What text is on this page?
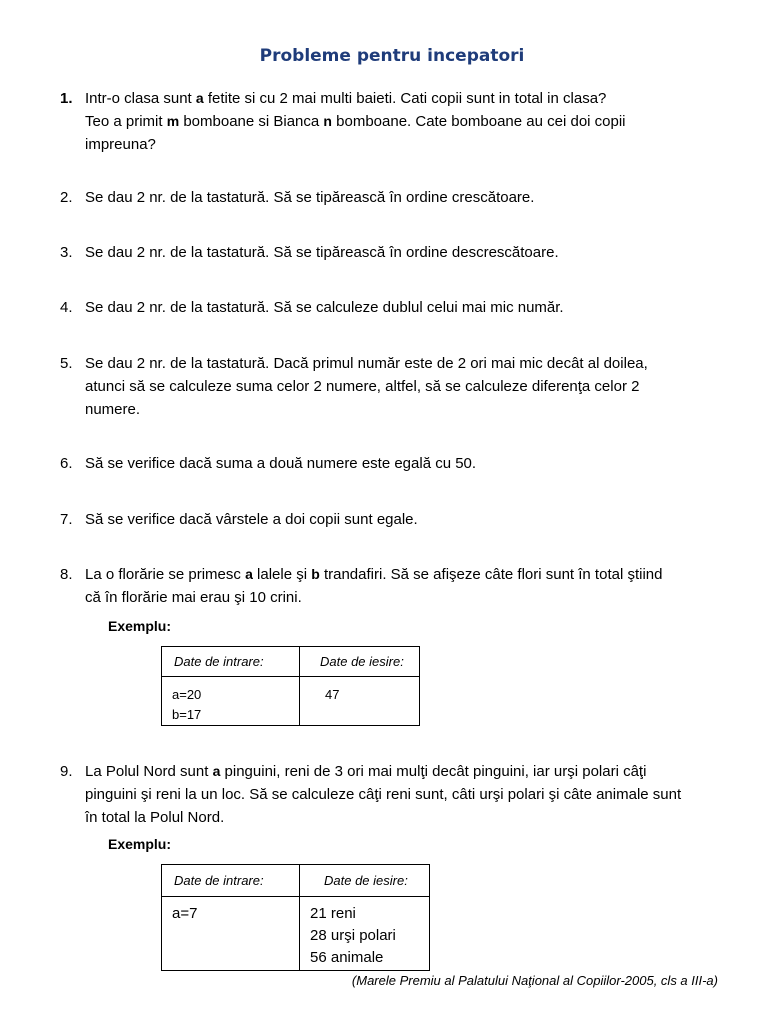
Probleme pentru incepatori
1. Intr-o clasa sunt a fetite si cu 2 mai multi baieti. Cati copii sunt in total in clasa?
Teo a primit m bomboane si Bianca n bomboane. Cate bomboane au cei doi copii
impreuna?
2. Se dau 2 nr. de la tastatură. Să se tipărească în ordine crescătoare.
3. Se dau 2 nr. de la tastatură. Să se tipărească în ordine descrescătoare.
4. Se dau 2 nr. de la tastatură. Să se calculeze dublul celui mai mic număr.
5. Se dau 2 nr. de la tastatură. Dacă primul număr este de 2 ori mai mic decât al doilea,
atunci să se calculeze suma celor 2 numere, altfel, să se calculeze diferenţa celor 2
numere.
6. Să se verifice dacă suma a două numere este egală cu 50.
7. Să se verifice dacă vârstele a doi copii sunt egale.
8. La o florărie se primesc a lalele şi b trandafiri. Să se afişeze câte flori sunt în total ştiind
că în florărie mai erau şi 10 crini.
Exemplu:
Date de intrare:	Date de iesire:

a=20
b=17	47
9. La Polul Nord sunt a pinguini, reni de 3 ori mai mulţi decât pinguini, iar urşi polari câţi
pinguini şi reni la un loc. Să se calculeze câţi reni sunt, câti urşi polari şi câte animale sunt
în total la Polul Nord.
Exemplu:
Date de intrare:	Date de iesire:

a=7	21 reni
28 urşi polari
56 animale
(Marele Premiu al Palatului Naţional al Copiilor-2005, cls a III-a)
